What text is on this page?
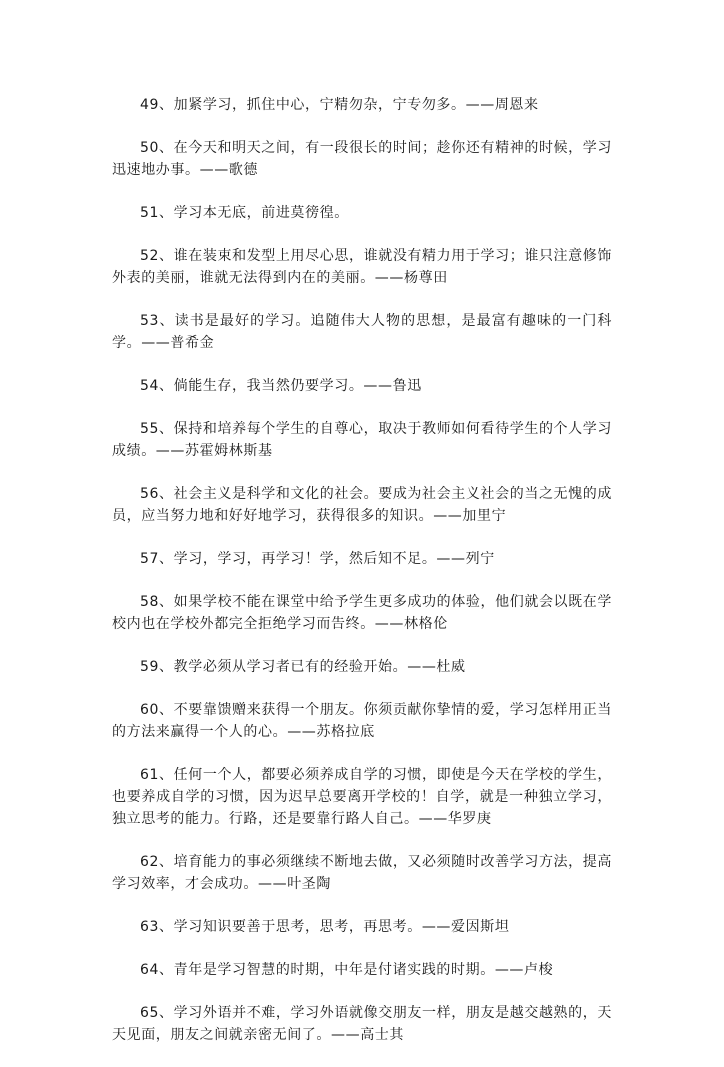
49、加紧学习，抓住中心，宁精勿杂，宁专勿多。——周恩来

50、在今天和明天之间，有一段很长的时间；趁你还有精神的时候，学习迅速地办事。——歌德

51、学习本无底，前进莫徬徨。

52、谁在装束和发型上用尽心思，谁就没有精力用于学习；谁只注意修饰外表的美丽，谁就无法得到内在的美丽。——杨尊田

53、读书是最好的学习。追随伟大人物的思想，是最富有趣味的一门科学。——普希金

54、倘能生存，我当然仍要学习。——鲁迅

55、保持和培养每个学生的自尊心，取决于教师如何看待学生的个人学习成绩。——苏霍姆林斯基

56、社会主义是科学和文化的社会。要成为社会主义社会的当之无愧的成员，应当努力地和好好地学习，获得很多的知识。——加里宁

57、学习，学习，再学习！学，然后知不足。——列宁

58、如果学校不能在课堂中给予学生更多成功的体验，他们就会以既在学校内也在学校外都完全拒绝学习而告终。——林格伦

59、教学必须从学习者已有的经验开始。——杜威

60、不要靠馈赠来获得一个朋友。你须贡献你挚情的爱，学习怎样用正当的方法来赢得一个人的心。——苏格拉底

61、任何一个人，都要必须养成自学的习惯，即使是今天在学校的学生，也要养成自学的习惯，因为迟早总要离开学校的！自学，就是一种独立学习，独立思考的能力。行路，还是要靠行路人自己。——华罗庚

62、培育能力的事必须继续不断地去做，又必须随时改善学习方法，提高学习效率，才会成功。——叶圣陶

63、学习知识要善于思考，思考，再思考。——爱因斯坦

64、青年是学习智慧的时期，中年是付诸实践的时期。——卢梭

65、学习外语并不难，学习外语就像交朋友一样，朋友是越交越熟的，天天见面，朋友之间就亲密无间了。——高士其
